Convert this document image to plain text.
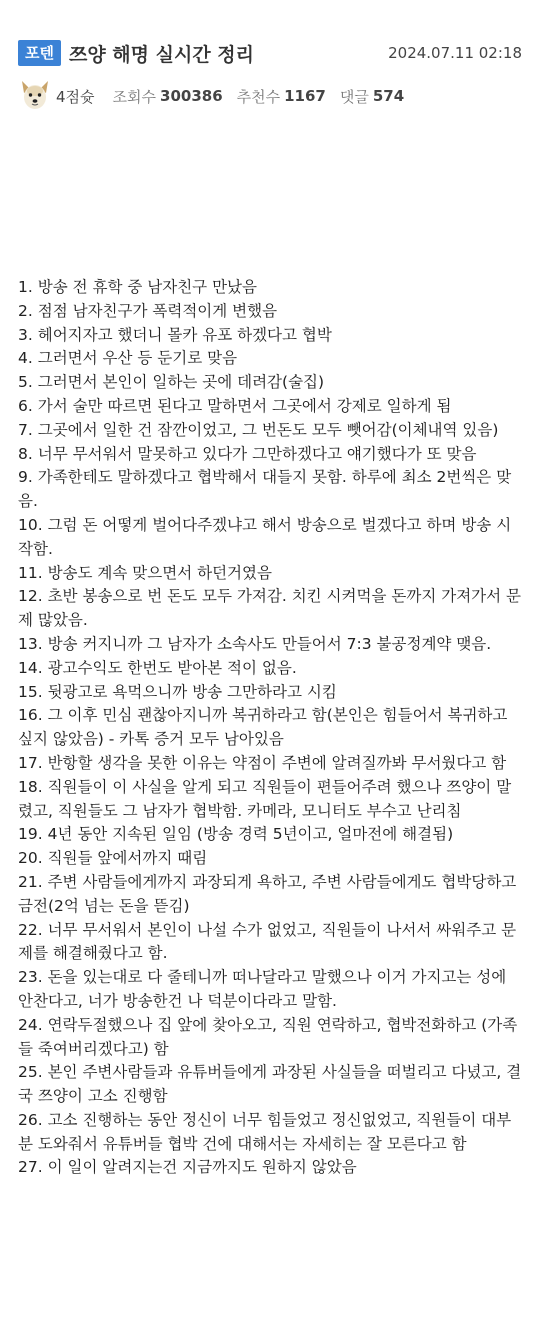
포텐 쯔양 해명 실시간 정리	2024.07.11 02:18
4점슛 조회수 300386 추천수 1167 댓글 574

1. 방송 전 휴학 중 남자친구 만났음

2. 점점 남자친구가 폭력적이게 변했음

3. 헤어지자고 했더니 몰카 유포 하겠다고 협박

4. 그러면서 우산 등 둔기로 맞음

5. 그러면서 본인이 일하는 곳에 데려감(술집)

6. 가서 술만 따르면 된다고 말하면서 그곳에서 강제로 일하게 됨

7. 그곳에서 일한 건 잠깐이었고, 그 번돈도 모두 뺏어감(이체내역 있음)

8. 너무 무서워서 말못하고 있다가 그만하겠다고 얘기했다가 또 맞음

9. 가족한테도 말하겠다고 협박해서 대들지 못함. 하루에 최소 2번씩은 맞음.

10. 그럼 돈 어떻게 벌어다주겠냐고 해서 방송으로 벌겠다고 하며 방송 시작함.

11. 방송도 계속 맞으면서 하던거였음

12. 초반 봉송으로 번 돈도 모두 가져감. 치킨 시켜먹을 돈까지 가져가서 문제 많았음.

13. 방송 커지니까 그 남자가 소속사도 만들어서 7:3 불공정계약 맺음.

14. 광고수익도 한번도 받아본 적이 없음.

15. 뒷광고로 욕먹으니까 방송 그만하라고 시킴

16. 그 이후 민심 괜찮아지니까 복귀하라고 함(본인은 힘들어서 복귀하고 싶지 않았음) - 카톡 증거 모두 남아있음

17. 반항할 생각을 못한 이유는 약점이 주변에 알려질까봐 무서웠다고 함

18. 직원들이 이 사실을 알게 되고 직원들이 편들어주려 했으나 쯔양이 말렸고, 직원들도 그 남자가 협박함. 카메라, 모니터도 부수고 난리침

19. 4년 동안 지속된 일임 (방송 경력 5년이고, 얼마전에 해결됨)

20. 직원들 앞에서까지 때림

21. 주변 사람들에게까지 과장되게 욕하고, 주변 사람들에게도 협박당하고 금전(2억 넘는 돈을 뜯김)

22. 너무 무서워서 본인이 나설 수가 없었고, 직원들이 나서서 싸워주고 문제를 해결해줬다고 함.

23. 돈을 있는대로 다 줄테니까 떠나달라고 말했으나 이거 가지고는 성에 안찬다고, 너가 방송한건 나 덕분이다라고 말함.

24. 연락두절했으나 집 앞에 찾아오고, 직원 연락하고, 협박전화하고 (가족들 죽여버리겠다고) 함

25. 본인 주변사람들과 유튜버들에게 과장된 사실들을 떠벌리고 다녔고, 결국 쯔양이 고소 진행함

26. 고소 진행하는 동안 정신이 너무 힘들었고 정신없었고, 직원들이 대부분 도와줘서 유튜버들 협박 건에 대해서는 자세히는 잘 모른다고 함

27. 이 일이 알려지는건 지금까지도 원하지 않았음
